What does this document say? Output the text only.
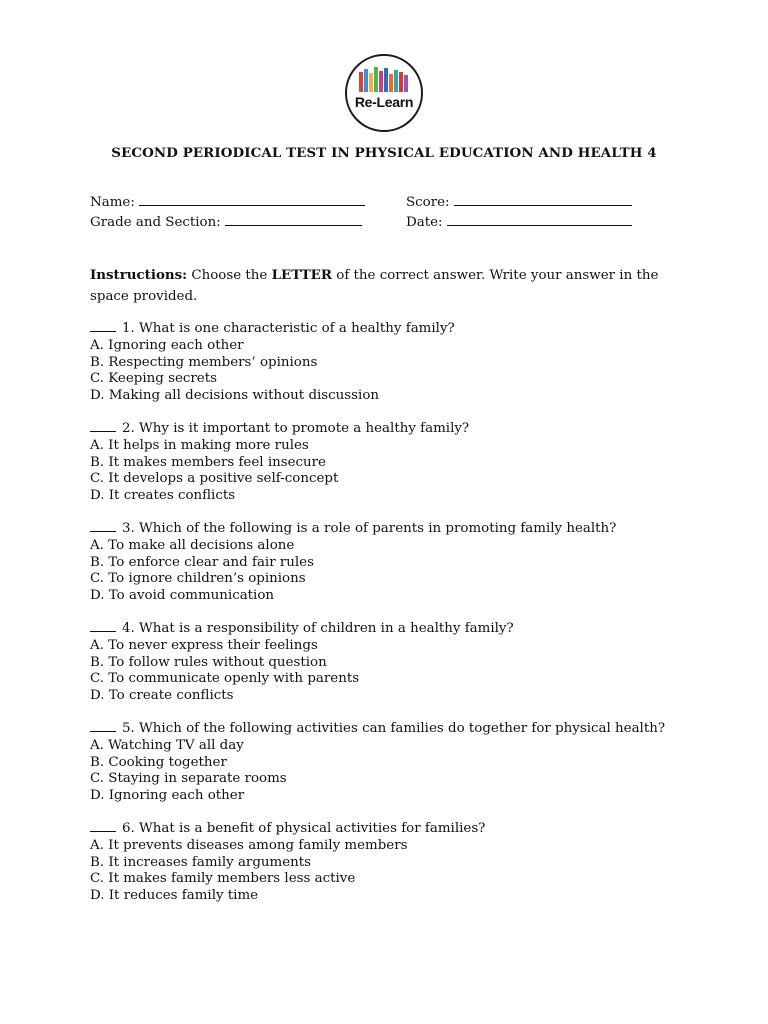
Re-Learn
SECOND PERIODICAL TEST IN PHYSICAL EDUCATION AND HEALTH 4
Name:	Score:
Grade and Section:	Date:
Instructions: Choose the LETTER of the correct answer. Write your answer in the space provided.
1. What is one characteristic of a healthy family?
A. Ignoring each other
B. Respecting members’ opinions
C. Keeping secrets
D. Making all decisions without discussion
2. Why is it important to promote a healthy family?
A. It helps in making more rules
B. It makes members feel insecure
C. It develops a positive self-concept
D. It creates conflicts
3. Which of the following is a role of parents in promoting family health?
A. To make all decisions alone
B. To enforce clear and fair rules
C. To ignore children’s opinions
D. To avoid communication
4. What is a responsibility of children in a healthy family?
A. To never express their feelings
B. To follow rules without question
C. To communicate openly with parents
D. To create conflicts
5. Which of the following activities can families do together for physical health?
A. Watching TV all day
B. Cooking together
C. Staying in separate rooms
D. Ignoring each other
6. What is a benefit of physical activities for families?
A. It prevents diseases among family members
B. It increases family arguments
C. It makes family members less active
D. It reduces family time
